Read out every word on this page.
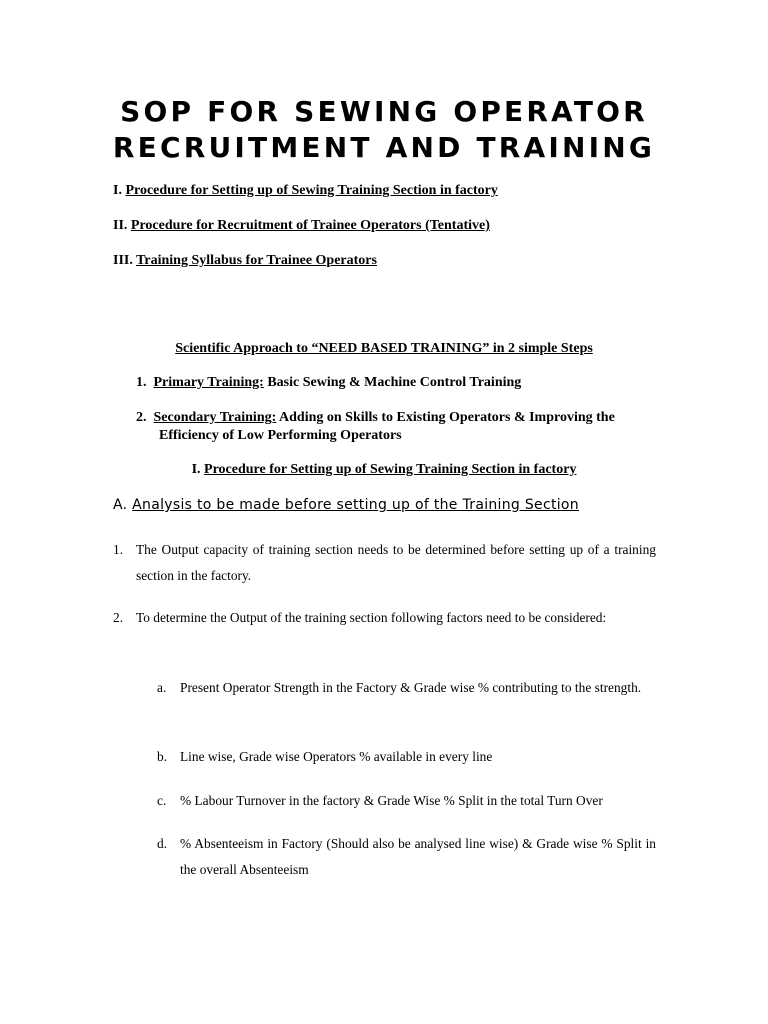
SOP FOR SEWING OPERATOR
RECRUITMENT AND TRAINING
I. Procedure for Setting up of Sewing Training Section in factory
II. Procedure for Recruitment of Trainee Operators (Tentative)
III. Training Syllabus for Trainee Operators
Scientific Approach to “NEED BASED TRAINING” in 2 simple Steps
1. Primary Training: Basic Sewing & Machine Control Training
2. Secondary Training: Adding on Skills to Existing Operators & Improving the
Efficiency of Low Performing Operators
I. Procedure for Setting up of Sewing Training Section in factory
A. Analysis to be made before setting up of the Training Section
1. The Output capacity of training section needs to be determined before setting up of a training section in the factory.
2. To determine the Output of the training section following factors need to be considered:
a.	Present Operator Strength in the Factory & Grade wise % contributing to the strength.
b. Line wise, Grade wise Operators % available in every line
c.	% Labour Turnover in the factory & Grade Wise % Split in the total Turn Over
d. % Absenteeism in Factory (Should also be analysed line wise) & Grade wise % Split in the overall Absenteeism
